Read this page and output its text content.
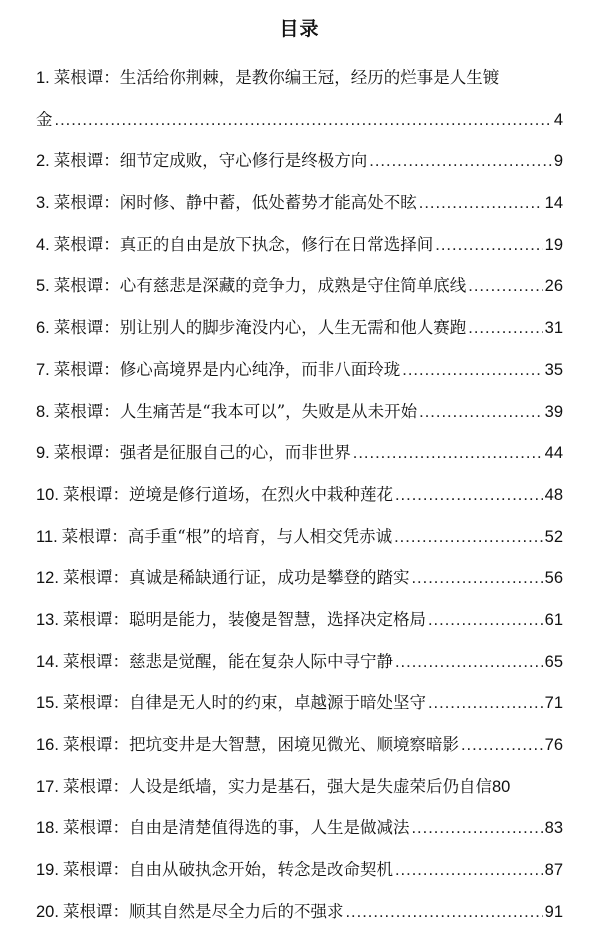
目录
1. 菜根谭：生活给你荆棘，是教你编王冠，经历的烂事是人生镀
金 .....	4
2. 菜根谭：细节定成败，守心修行是终极方向 .....	9
3. 菜根谭：闲时修、静中蓄，低处蓄势才能高处不眩 .....	14
4. 菜根谭：真正的自由是放下执念，修行在日常选择间 .....	19
5. 菜根谭：心有慈悲是深藏的竞争力，成熟是守住简单底线 .....	26
6. 菜根谭：别让别人的脚步淹没内心，人生无需和他人赛跑 .....	31
7. 菜根谭：修心高境界是内心纯净，而非八面玲珑 .....	35
8. 菜根谭：人生痛苦是“我本可以”，失败是从未开始 .....	39
9. 菜根谭：强者是征服自己的心，而非世界 .....	44
10. 菜根谭：逆境是修行道场，在烈火中栽种莲花 .....	48
11. 菜根谭：高手重“根”的培育，与人相交凭赤诚 .....	52
12. 菜根谭：真诚是稀缺通行证，成功是攀登的踏实 .....	56
13. 菜根谭：聪明是能力，装傻是智慧，选择决定格局 .....	61
14. 菜根谭：慈悲是觉醒，能在复杂人际中寻宁静 .....	65
15. 菜根谭：自律是无人时的约束，卓越源于暗处坚守 .....	71
16. 菜根谭：把坑变井是大智慧，困境见微光、顺境察暗影 .....	76
17. 菜根谭：人设是纸墙，实力是基石，强大是失虚荣后仍自信 80
18. 菜根谭：自由是清楚值得选的事，人生是做减法 .....	83
19. 菜根谭：自由从破执念开始，转念是改命契机 .....	87
20. 菜根谭：顺其自然是尽全力后的不强求 .....	91
